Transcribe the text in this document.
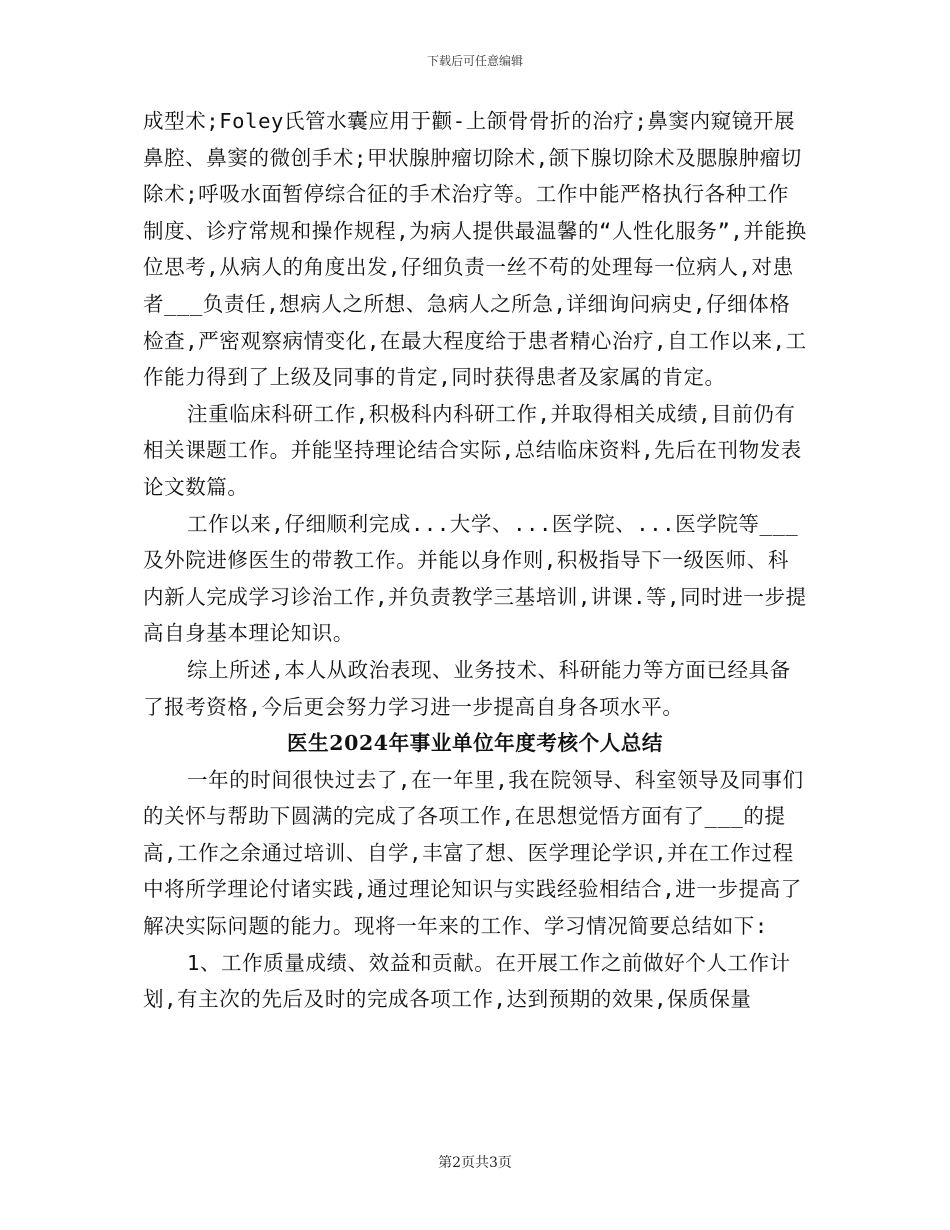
下载后可任意编辑

成型术;Foley氏管水囊应用于颧-上颌骨骨折的治疗;鼻窦内窥镜开展鼻腔、鼻窦的微创手术;甲状腺肿瘤切除术,颌下腺切除术及腮腺肿瘤切除术;呼吸水面暂停综合征的手术治疗等。工作中能严格执行各种工作制度、诊疗常规和操作规程,为病人提供最温馨的“人性化服务”,并能换位思考,从病人的角度出发,仔细负责一丝不苟的处理每一位病人,对患者___负责任,想病人之所想、急病人之所急,详细询问病史,仔细体格检查,严密观察病情变化,在最大程度给于患者精心治疗,自工作以来,工作能力得到了上级及同事的肯定,同时获得患者及家属的肯定。

注重临床科研工作,积极科内科研工作,并取得相关成绩,目前仍有相关课题工作。并能坚持理论结合实际,总结临床资料,先后在刊物发表论文数篇。

工作以来,仔细顺利完成...大学、...医学院、...医学院等___及外院进修医生的带教工作。并能以身作则,积极指导下一级医师、科内新人完成学习诊治工作,并负责教学三基培训,讲课.等,同时进一步提高自身基本理论知识。

综上所述,本人从政治表现、业务技术、科研能力等方面已经具备了报考资格,今后更会努力学习进一步提高自身各项水平。

医生2024年事业单位年度考核个人总结

一年的时间很快过去了,在一年里,我在院领导、科室领导及同事们的关怀与帮助下圆满的完成了各项工作,在思想觉悟方面有了___的提高,工作之余通过培训、自学,丰富了想、医学理论学识,并在工作过程中将所学理论付诸实践,通过理论知识与实践经验相结合,进一步提高了解决实际问题的能力。现将一年来的工作、学习情况简要总结如下:

1、工作质量成绩、效益和贡献。在开展工作之前做好个人工作计划,有主次的先后及时的完成各项工作,达到预期的效果,保质保量

第2页共3页
